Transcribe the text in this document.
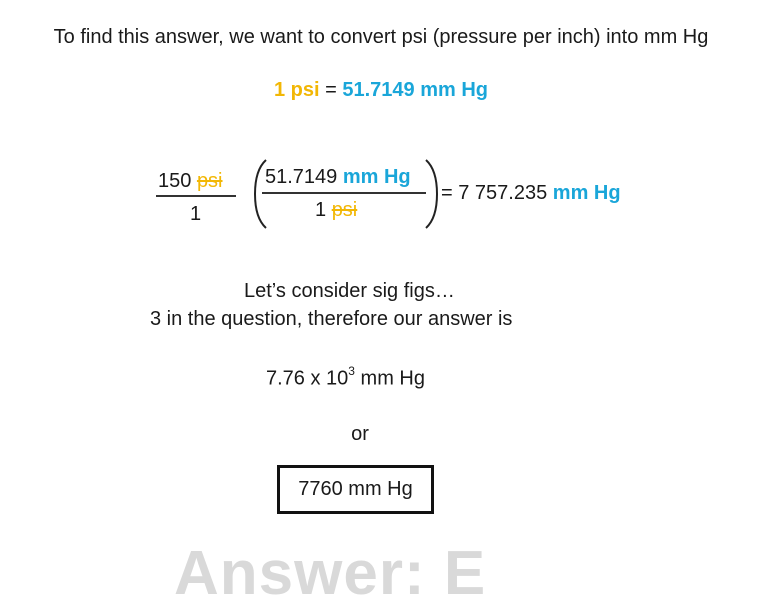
To find this answer, we want to convert psi (pressure per inch) into mm Hg
1 psi = 51.7149 mm Hg
150 psi
1
51.7149 mm Hg
1 psi
= 7 757.235 mm Hg
Let’s consider sig figs…
3 in the question, therefore our answer is
7.76 x $10^3$ mm Hg
or
7760 mm Hg
Answer: E
